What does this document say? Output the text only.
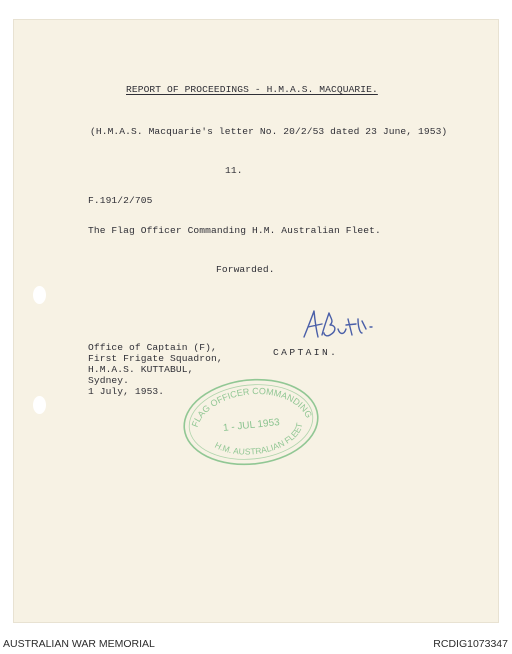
REPORT OF PROCEEDINGS - H.M.A.S. MACQUARIE.
(H.M.A.S. Macquarie's letter No. 20/2/53 dated 23 June, 1953)
11.
F.191/2/705
The Flag Officer Commanding H.M. Australian Fleet.
Forwarded.
Office of Captain (F),
First Frigate Squadron,
H.M.A.S. KUTTABUL,
Sydney.
1 July, 1953.
CAPTAIN.
FLAG OFFICER COMMANDING
H.M. AUSTRALIAN FLEET
1 - JUL 1953
AUSTRALIAN WAR MEMORIAL	RCDIG1073347
